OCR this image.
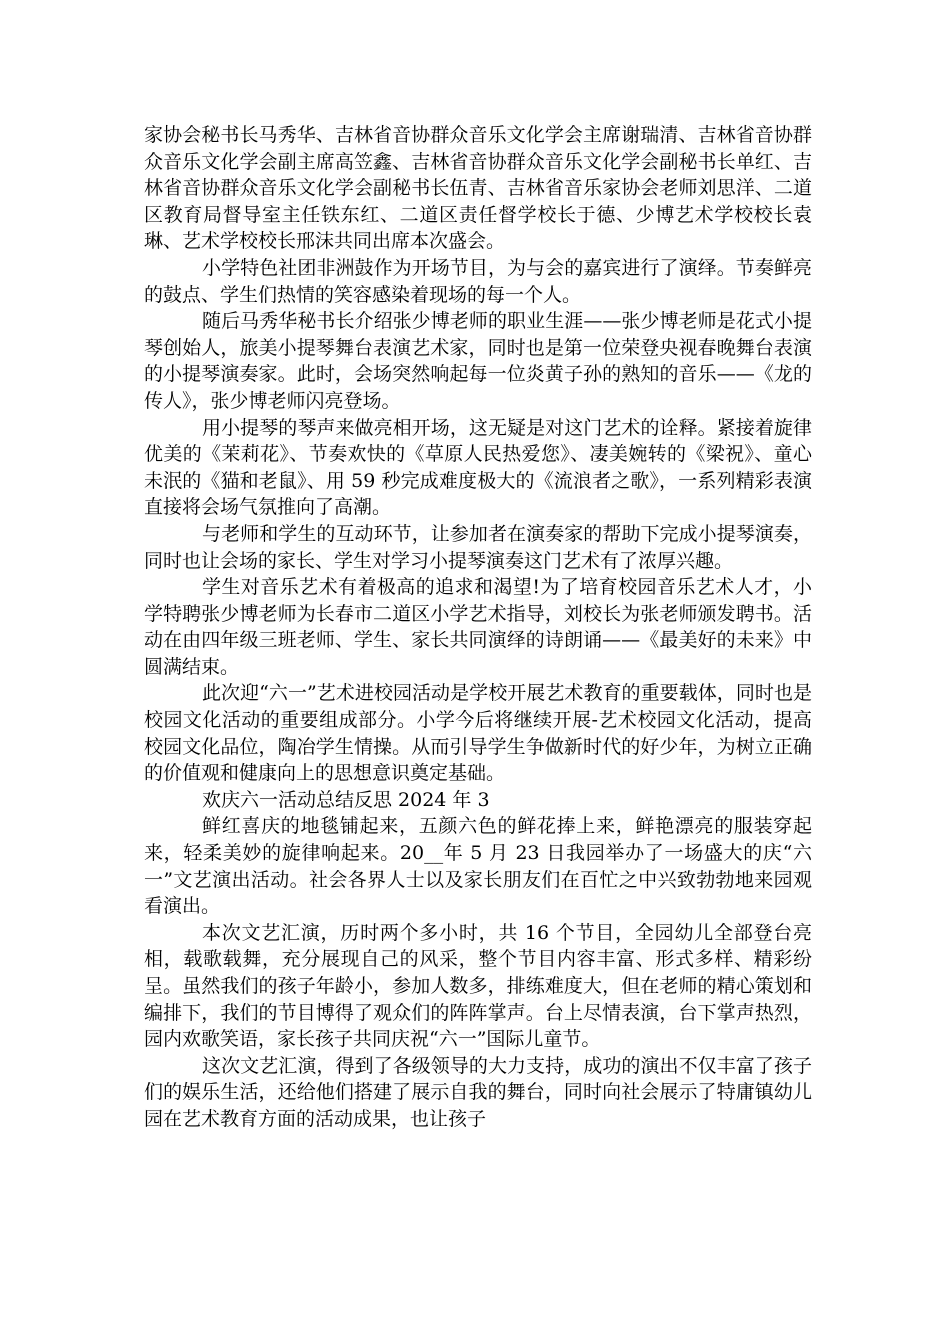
家协会秘书长马秀华、吉林省音协群众音乐文化学会主席谢瑞清、吉林省音协群众音乐文化学会副主席高笠鑫、吉林省音协群众音乐文化学会副秘书长单红、吉林省音协群众音乐文化学会副秘书长伍青、吉林省音乐家协会老师刘思洋、二道区教育局督导室主任铁东红、二道区责任督学校长于德、少博艺术学校校长袁琳、艺术学校校长邢沫共同出席本次盛会。

小学特色社团非洲鼓作为开场节目，为与会的嘉宾进行了演绎。节奏鲜亮的鼓点、学生们热情的笑容感染着现场的每一个人。

随后马秀华秘书长介绍张少博老师的职业生涯——张少博老师是花式小提琴创始人，旅美小提琴舞台表演艺术家，同时也是第一位荣登央视春晚舞台表演的小提琴演奏家。此时，会场突然响起每一位炎黄子孙的熟知的音乐——《龙的传人》，张少博老师闪亮登场。

用小提琴的琴声来做亮相开场，这无疑是对这门艺术的诠释。紧接着旋律优美的《茉莉花》、节奏欢快的《草原人民热爱您》、凄美婉转的《梁祝》、童心未泯的《猫和老鼠》、用 59 秒完成难度极大的《流浪者之歌》，一系列精彩表演直接将会场气氛推向了高潮。

与老师和学生的互动环节，让参加者在演奏家的帮助下完成小提琴演奏，同时也让会场的家长、学生对学习小提琴演奏这门艺术有了浓厚兴趣。

学生对音乐艺术有着极高的追求和渴望!为了培育校园音乐艺术人才，小学特聘张少博老师为长春市二道区小学艺术指导，刘校长为张老师颁发聘书。活动在由四年级三班老师、学生、家长共同演绎的诗朗诵——《最美好的未来》中圆满结束。

此次迎“六一”艺术进校园活动是学校开展艺术教育的重要载体，同时也是校园文化活动的重要组成部分。小学今后将继续开展-艺术校园文化活动，提高校园文化品位，陶冶学生情操。从而引导学生争做新时代的好少年，为树立正确的价值观和健康向上的思想意识奠定基础。

欢庆六一活动总结反思 2024 年 3

鲜红喜庆的地毯铺起来，五颜六色的鲜花捧上来，鲜艳漂亮的服装穿起来，轻柔美妙的旋律响起来。20__年 5 月 23 日我园举办了一场盛大的庆“六一”文艺演出活动。社会各界人士以及家长朋友们在百忙之中兴致勃勃地来园观看演出。

本次文艺汇演，历时两个多小时，共 16 个节目，全园幼儿全部登台亮相，载歌载舞，充分展现自己的风采，整个节目内容丰富、形式多样、精彩纷呈。虽然我们的孩子年龄小，参加人数多，排练难度大，但在老师的精心策划和编排下，我们的节目博得了观众们的阵阵掌声。台上尽情表演，台下掌声热烈，园内欢歌笑语，家长孩子共同庆祝“六一”国际儿童节。

这次文艺汇演，得到了各级领导的大力支持，成功的演出不仅丰富了孩子们的娱乐生活，还给他们搭建了展示自我的舞台，同时向社会展示了特庸镇幼儿园在艺术教育方面的活动成果，也让孩子
